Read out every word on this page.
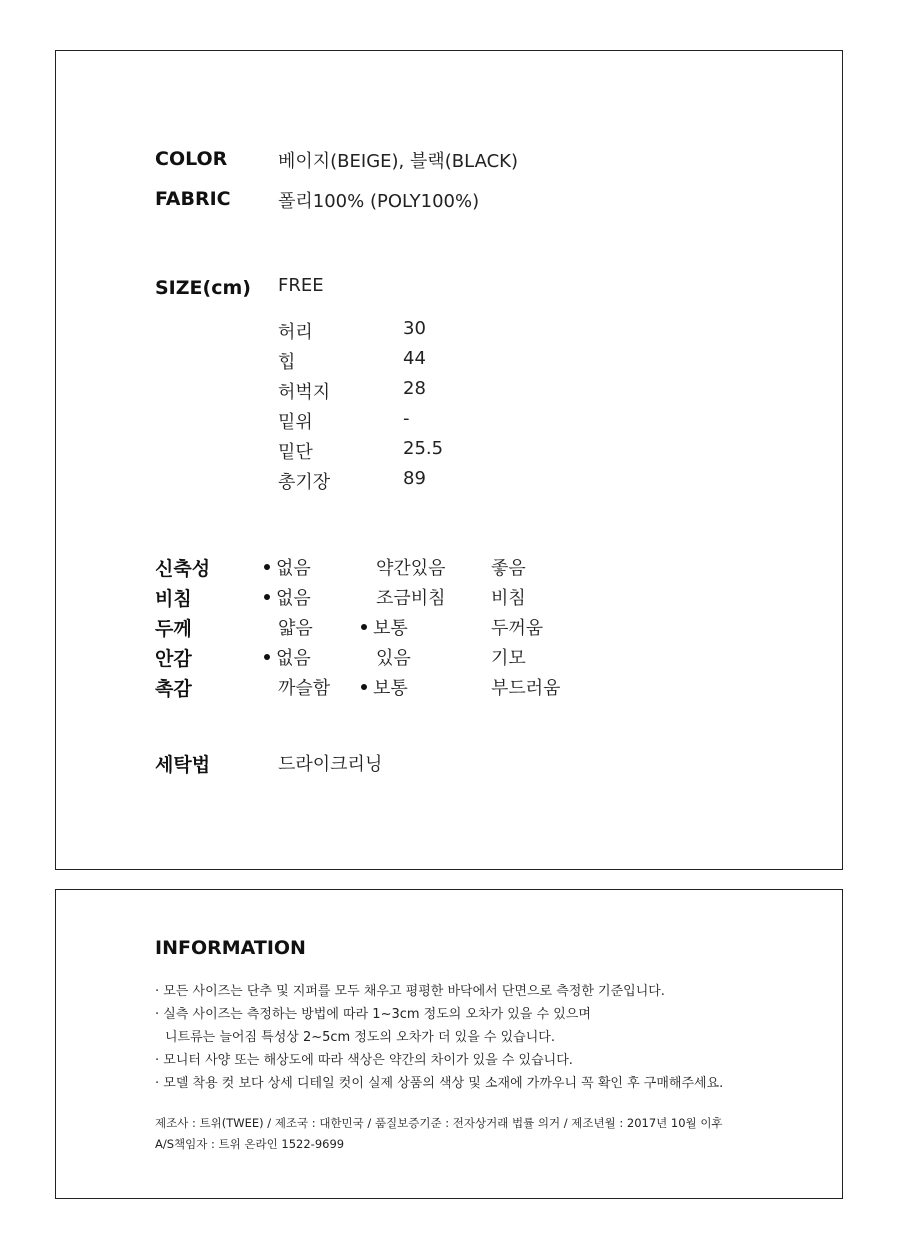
COLOR	베이지(BEIGE), 블랙(BLACK)
FABRIC	폴리100% (POLY100%)
SIZE(cm) FREE
허리	30
힙	44
허벅지	28
밑위	-
밑단	25.5
총기장	89
신축성	없음	약간있음	좋음
비침	없음	조금비침	비침
두께	얇음	보통	두꺼움
안감	없음	있음	기모
촉감	까슬함	보통	부드러움
세탁법	드라이크리닝
INFORMATION
· 모든 사이즈는 단추 및 지퍼를 모두 채우고 평평한 바닥에서 단면으로 측정한 기준입니다.
· 실측 사이즈는 측정하는 방법에 따라 1~3cm 정도의 오차가 있을 수 있으며
니트류는 늘어짐 특성상 2~5cm 정도의 오차가 더 있을 수 있습니다.
· 모니터 사양 또는 해상도에 따라 색상은 약간의 차이가 있을 수 있습니다.
· 모델 착용 컷 보다 상세 디테일 컷이 실제 상품의 색상 및 소재에 가까우니 꼭 확인 후 구매해주세요.
제조사 : 트위(TWEE) / 제조국 : 대한민국 / 품질보증기준 : 전자상거래 법률 의거 / 제조년월 : 2017년 10월 이후
A/S책임자 : 트위 온라인 1522-9699
